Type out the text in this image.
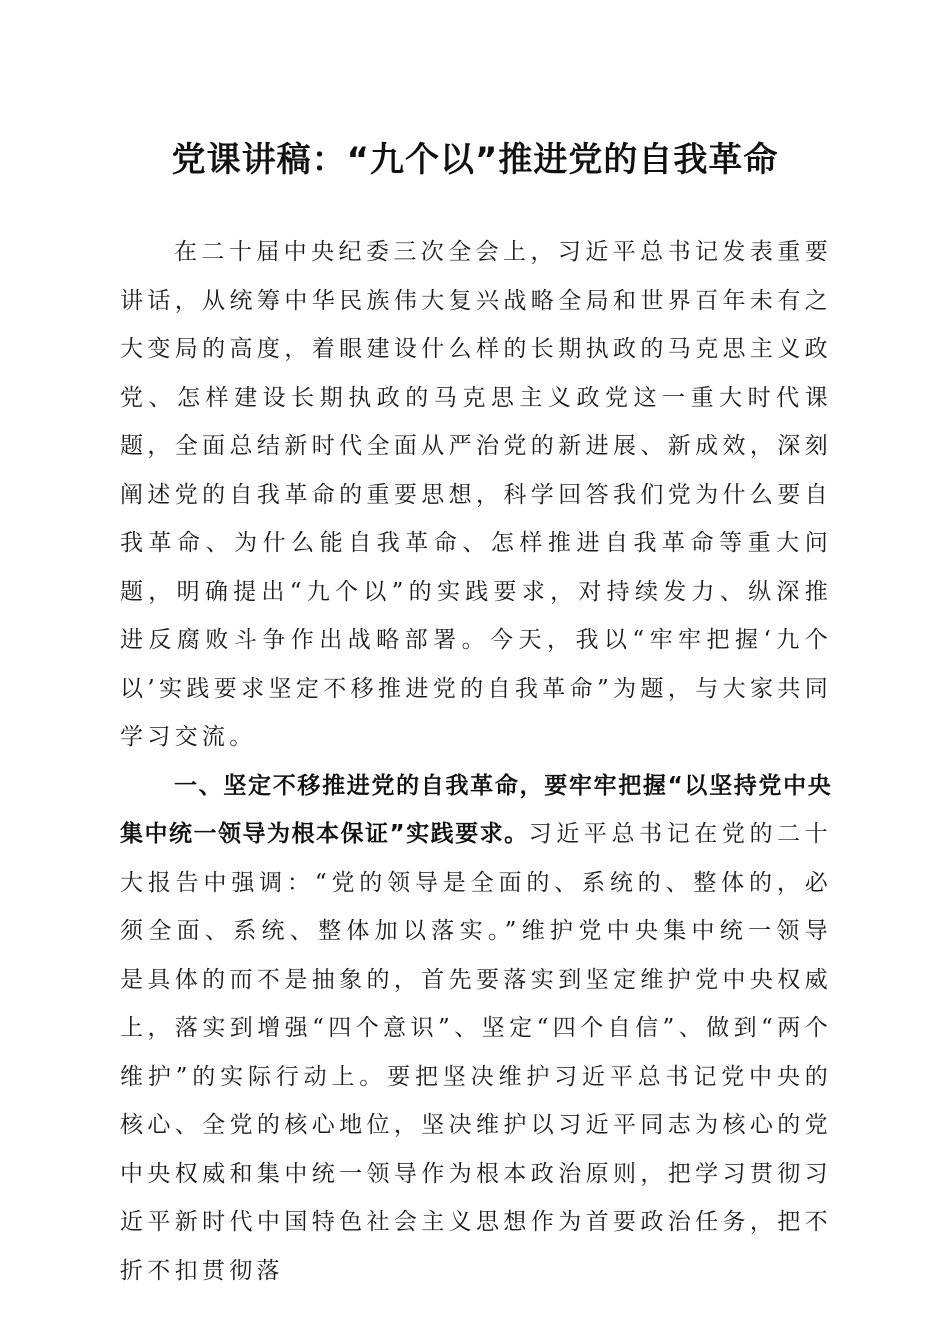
党课讲稿：“九个以”推进党的自我革命

在二十届中央纪委三次全会上，习近平总书记发表重要讲话，从统筹中华民族伟大复兴战略全局和世界百年未有之大变局的高度，着眼建设什么样的长期执政的马克思主义政党、怎样建设长期执政的马克思主义政党这一重大时代课题，全面总结新时代全面从严治党的新进展、新成效，深刻阐述党的自我革命的重要思想，科学回答我们党为什么要自我革命、为什么能自我革命、怎样推进自我革命等重大问题，明确提出“九个以”的实践要求，对持续发力、纵深推进反腐败斗争作出战略部署。今天，我以“牢牢把握‘九个以’实践要求坚定不移推进党的自我革命”为题，与大家共同学习交流。

一、坚定不移推进党的自我革命，要牢牢把握“以坚持党中央集中统一领导为根本保证”实践要求。习近平总书记在党的二十大报告中强调：“党的领导是全面的、系统的、整体的，必须全面、系统、整体加以落实。”维护党中央集中统一领导是具体的而不是抽象的，首先要落实到坚定维护党中央权威上，落实到增强“四个意识”、坚定“四个自信”、做到“两个维护”的实际行动上。要把坚决维护习近平总书记党中央的核心、全党的核心地位，坚决维护以习近平同志为核心的党中央权威和集中统一领导作为根本政治原则，把学习贯彻习近平新时代中国特色社会主义思想作为首要政治任务，把不折不扣贯彻落
